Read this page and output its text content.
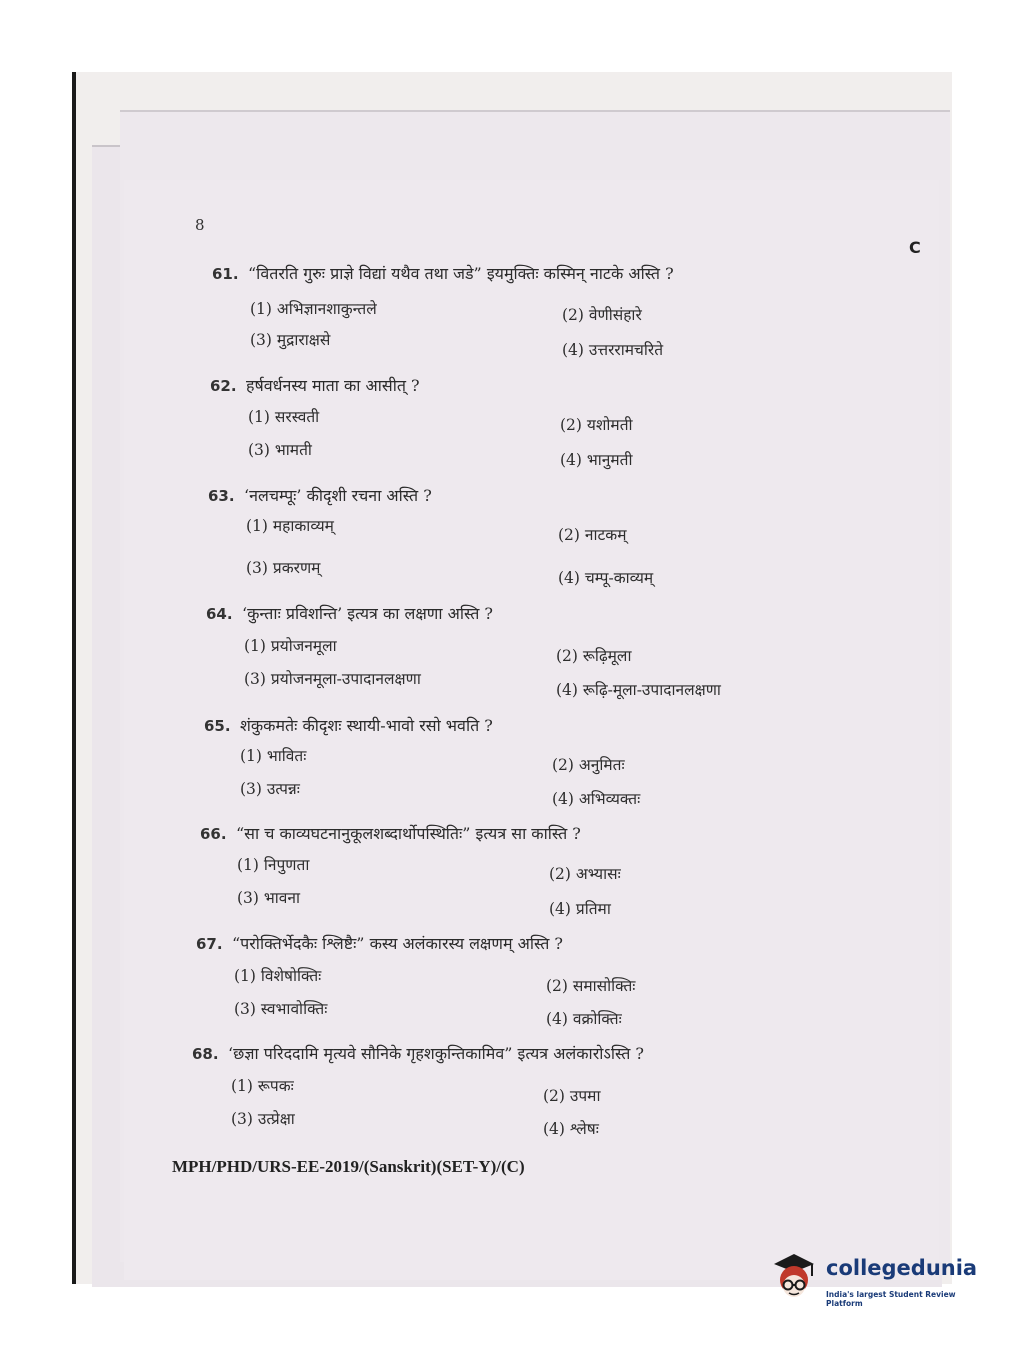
8
C
61. “वितरति गुरुः प्राज्ञे विद्यां यथैव तथा जडे” इयमुक्तिः कस्मिन् नाटके अस्ति ?
(1) अभिज्ञानशाकुन्तले	(2) वेणीसंहारे
(3) मुद्राराक्षसे
(4) उत्तररामचरिते
62. हर्षवर्धनस्य माता का आसीत् ?
(1) सरस्वती	(2) यशोमती
(3) भामती
(4) भानुमती
63. ‘नलचम्पूः’ कीदृशी रचना अस्ति ?
(1) महाकाव्यम्	(2) नाटकम्
(3) प्रकरणम्
(4) चम्पू-काव्यम्
64. ‘कुन्ताः प्रविशन्ति’ इत्यत्र का लक्षणा अस्ति ?
(1) प्रयोजनमूला
(2) रूढ़िमूला
(3) प्रयोजनमूला-उपादानलक्षणा
(4) रूढ़ि-मूला-उपादानलक्षणा
65. शंकुकमतेः कीदृशः स्थायी-भावो रसो भवति ?
(1) भावितः	(2) अनुमितः
(3) उत्पन्नः
(4) अभिव्यक्तः
66. “सा च काव्यघटनानुकूलशब्दार्थोपस्थितिः” इत्यत्र सा कास्ति ?
(1) निपुणता	(2) अभ्यासः
(3) भावना
(4) प्रतिमा
67. “परोक्तिर्भेदकैः श्लिष्टैः” कस्य अलंकारस्य लक्षणम् अस्ति ?
(1) विशेषोक्तिः
(2) समासोक्तिः
(3) स्वभावोक्तिः
(4) वक्रोक्तिः
68. ‘छज्ञा परिददामि मृत्यवे सौनिके गृहशकुन्तिकामिव” इत्यत्र अलंकारोऽस्ति ?
(1) रूपकः
(2) उपमा
(3) उत्प्रेक्षा
(4) श्लेषः
MPH/PHD/URS-EE-2019/(Sanskrit)(SET-Y)/(C)
collegedunia
India's largest Student Review Platform
